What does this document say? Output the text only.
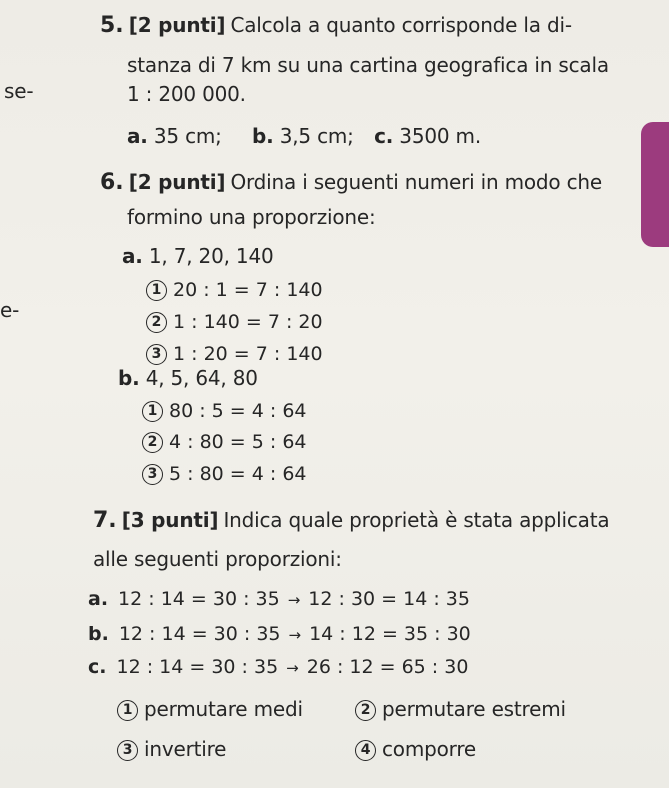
se-
e-
5. [2 punti] Calcola a quanto corrisponde la di-
stanza di 7 km su una cartina geografica in scala
1 : 200 000.
a. 35 cm; b. 3,5 cm; c. 3500 m.
6. [2 punti] Ordina i seguenti numeri in modo che
formino una proporzione:
a. 1, 7, 20, 140
1 20 : 1 = 7 : 140
2 1 : 140 = 7 : 20
3 1 : 20 = 7 : 140
b. 4, 5, 64, 80
1 80 : 5 = 4 : 64
2 4 : 80 = 5 : 64
3 5 : 80 = 4 : 64
7. [3 punti] Indica quale proprietà è stata applicata
alle seguenti proporzioni:
a. 12 : 14 = 30 : 35 → 12 : 30 = 14 : 35
b. 12 : 14 = 30 : 35 → 14 : 12 = 35 : 30
c. 12 : 14 = 30 : 35 → 26 : 12 = 65 : 30
1 permutare medi	2 permutare estremi
3 invertire	4 comporre
